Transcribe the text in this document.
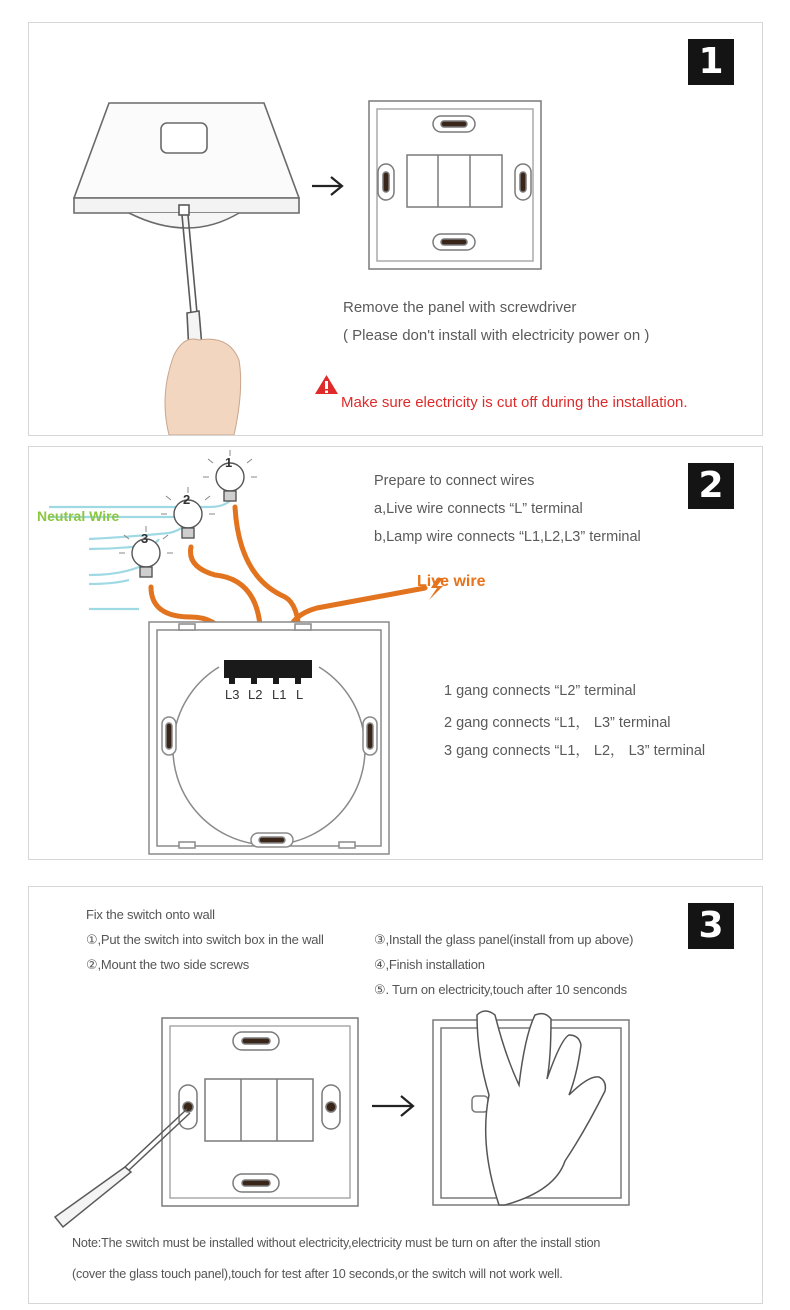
1
Remove the panel with screwdriver
( Please don't install with electricity power on )
Make sure electricity is cut off during the installation.
2
Prepare to connect wires
a,Live wire connects “L” terminal
b,Lamp wire connects “L1,L2,L3” terminal
Neutral Wire
Live wire
1
2
3
L3 L2 L1 L	1 gang connects “L2” terminal
2 gang connects “L1， L3” terminal
3 gang connects “L1， L2， L3” terminal
3
Fix the switch onto wall
①,Put the switch into switch box in the wall
②,Mount the two side screws
③,Install the glass panel(install from up above)
④,Finish installation
⑤. Turn on electricity,touch after 10 senconds
Note:The switch must be installed without electricity,electricity must be turn on after the install stion
(cover the glass touch panel),touch for test after 10 seconds,or the switch will not work well.
